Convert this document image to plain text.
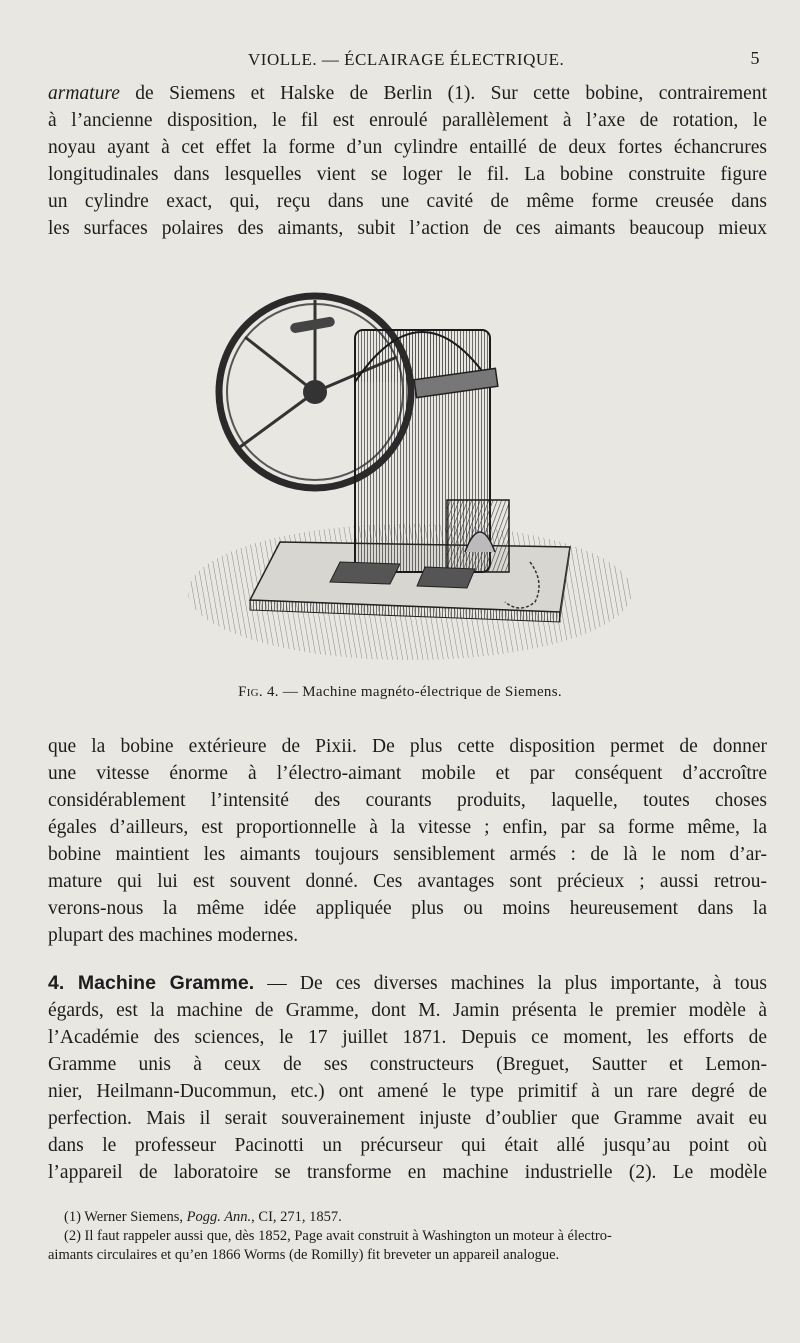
VIOLLE. — ÉCLAIRAGE ÉLECTRIQUE.	5
armature de Siemens et Halske de Berlin (1). Sur cette bobine, contrairement
à l’ancienne disposition, le fil est enroulé parallèlement à l’axe de rotation, le
noyau ayant à cet effet la forme d’un cylindre entaillé de deux fortes échancrures
longitudinales dans lesquelles vient se loger le fil. La bobine construite figure
un cylindre exact, qui, reçu dans une cavité de même forme creusée dans
les surfaces polaires des aimants, subit l’action de ces aimants beaucoup mieux
Fig. 4. — Machine magnéto-électrique de Siemens.
que la bobine extérieure de Pixii. De plus cette disposition permet de donner
une vitesse énorme à l’électro-aimant mobile et par conséquent d’accroître
considérablement l’intensité des courants produits, laquelle, toutes choses
égales d’ailleurs, est proportionnelle à la vitesse ; enfin, par sa forme même, la
bobine maintient les aimants toujours sensiblement armés : de là le nom d’ar-
mature qui lui est souvent donné. Ces avantages sont précieux ; aussi retrou-
verons-nous la même idée appliquée plus ou moins heureusement dans la
plupart des machines modernes.
4. Machine Gramme. — De ces diverses machines la plus importante, à tous
égards, est la machine de Gramme, dont M. Jamin présenta le premier modèle à
l’Académie des sciences, le 17 juillet 1871. Depuis ce moment, les efforts de
Gramme unis à ceux de ses constructeurs (Breguet, Sautter et Lemon-
nier, Heilmann-Ducommun, etc.) ont amené le type primitif à un rare degré de
perfection. Mais il serait souverainement injuste d’oublier que Gramme avait eu
dans le professeur Pacinotti un précurseur qui était allé jusqu’au point où
l’appareil de laboratoire se transforme en machine industrielle (2). Le modèle
(1) Werner Siemens, Pogg. Ann., CI, 271, 1857.
(2) Il faut rappeler aussi que, dès 1852, Page avait construit à Washington un moteur à électro-
aimants circulaires et qu’en 1866 Worms (de Romilly) fit breveter un appareil analogue.
